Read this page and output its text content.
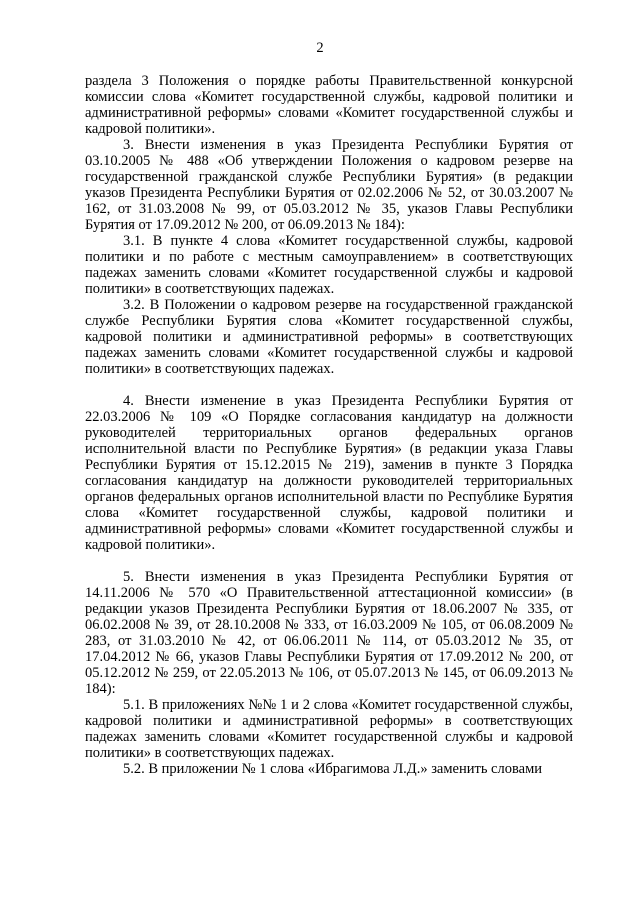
2

раздела 3 Положения о порядке работы Правительственной конкурсной комиссии слова «Комитет государственной службы, кадровой политики и административной реформы» словами «Комитет государственной службы и кадровой политики».

3. Внести изменения в указ Президента Республики Бурятия от 03.10.2005 № 488 «Об утверждении Положения о кадровом резерве на государственной гражданской службе Республики Бурятия» (в редакции указов Президента Республики Бурятия от 02.02.2006 № 52, от 30.03.2007 № 162, от 31.03.2008 № 99, от 05.03.2012 № 35, указов Главы Республики Бурятия от 17.09.2012 № 200, от 06.09.2013 № 184):

3.1. В пункте 4 слова «Комитет государственной службы, кадровой политики и по работе с местным самоуправлением» в соответствующих падежах заменить словами «Комитет государственной службы и кадровой политики» в соответствующих падежах.

3.2. В Положении о кадровом резерве на государственной гражданской службе Республики Бурятия слова «Комитет государственной службы, кадровой политики и административной реформы» в соответствующих падежах заменить словами «Комитет государственной службы и кадровой политики» в соответствующих падежах.

4. Внести изменение в указ Президента Республики Бурятия от 22.03.2006 № 109 «О Порядке согласования кандидатур на должности руководителей территориальных органов федеральных органов исполнительной власти по Республике Бурятия» (в редакции указа Главы Республики Бурятия от 15.12.2015 № 219), заменив в пункте 3 Порядка согласования кандидатур на должности руководителей территориальных органов федеральных органов исполнительной власти по Республике Бурятия слова «Комитет государственной службы, кадровой политики и административной реформы» словами «Комитет государственной службы и кадровой политики».

5. Внести изменения в указ Президента Республики Бурятия от 14.11.2006 № 570 «О Правительственной аттестационной комиссии» (в редакции указов Президента Республики Бурятия от 18.06.2007 № 335, от 06.02.2008 № 39, от 28.10.2008 № 333, от 16.03.2009 № 105, от 06.08.2009 № 283, от 31.03.2010 № 42, от 06.06.2011 № 114, от 05.03.2012 № 35, от 17.04.2012 № 66, указов Главы Республики Бурятия от 17.09.2012 № 200, от 05.12.2012 № 259, от 22.05.2013 № 106, от 05.07.2013 № 145, от 06.09.2013 № 184):

5.1. В приложениях №№ 1 и 2 слова «Комитет государственной службы, кадровой политики и административной реформы» в соответствующих падежах заменить словами «Комитет государственной службы и кадровой политики» в соответствующих падежах.

5.2. В приложении № 1 слова «Ибрагимова Л.Д.» заменить словами
